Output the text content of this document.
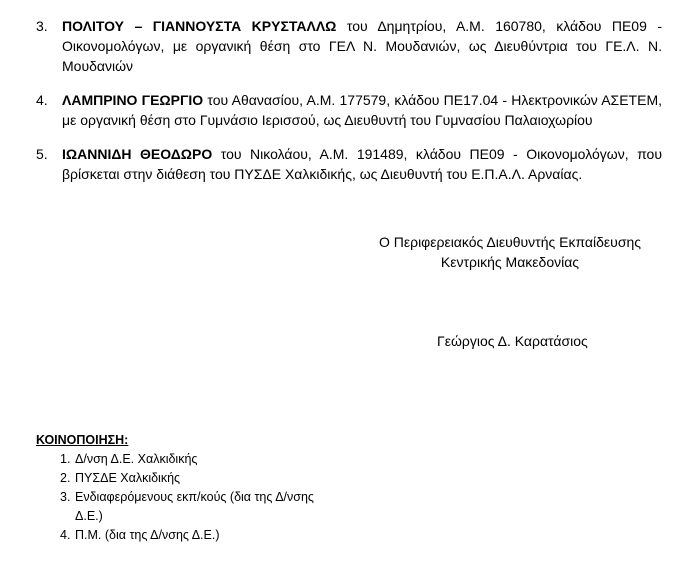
3. ΠΟΛΙΤΟΥ – ΓΙΑΝΝΟΥΣΤΑ ΚΡΥΣΤΑΛΛΩ του Δημητρίου, Α.Μ. 160780, κλάδου ΠΕ09 - Οικονομολόγων, με οργανική θέση στο ΓΕΛ Ν. Μουδανιών, ως Διευθύντρια του ΓΕ.Λ. Ν. Μουδανιών
4. ΛΑΜΠΡΙΝΟ ΓΕΩΡΓΙΟ του Αθανασίου, Α.Μ. 177579, κλάδου ΠΕ17.04 - Ηλεκτρονικών ΑΣΕΤΕΜ, με οργανική θέση στο Γυμνάσιο Ιερισσού, ως Διευθυντή του Γυμνασίου Παλαιοχωρίου
5. ΙΩΑΝΝΙΔΗ ΘΕΟΔΩΡΟ του Νικολάου, Α.Μ. 191489, κλάδου ΠΕ09 - Οικονομολόγων, που βρίσκεται στην διάθεση του ΠΥΣΔΕ Χαλκιδικής, ως Διευθυντή του Ε.Π.Α.Λ. Αρναίας.
Ο Περιφερειακός Διευθυντής Εκπαίδευσης
Κεντρικής Μακεδονίας
Γεώργιος Δ. Καρατάσιος
ΚΟΙΝΟΠΟΙΗΣΗ:
1. Δ/νση Δ.Ε. Χαλκιδικής
2. ΠΥΣΔΕ Χαλκιδικής
3. Ενδιαφερόμενους εκπ/κούς (δια της Δ/νσης Δ.Ε.)
4. Π.Μ. (δια της Δ/νσης Δ.Ε.)
